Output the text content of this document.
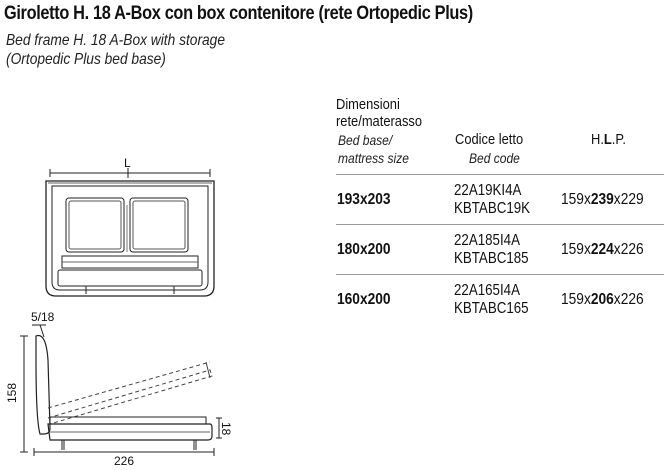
Giroletto H. 18 A-Box con box contenitore (rete Ortopedic Plus)
Bed frame H. 18 A-Box with storage
(Ortopedic Plus bed base)
Dimensioni
rete/materasso
Bed base/
mattress size
Codice letto
Bed code
H.L.P.
193x203
22A19KI4A
KBTABC19K
159x239x229
180x200
22A185I4A
KBTABC185
159x224x226
160x200
22A165I4A
KBTABC165
159x206x226
L
5/18
158
18
226
